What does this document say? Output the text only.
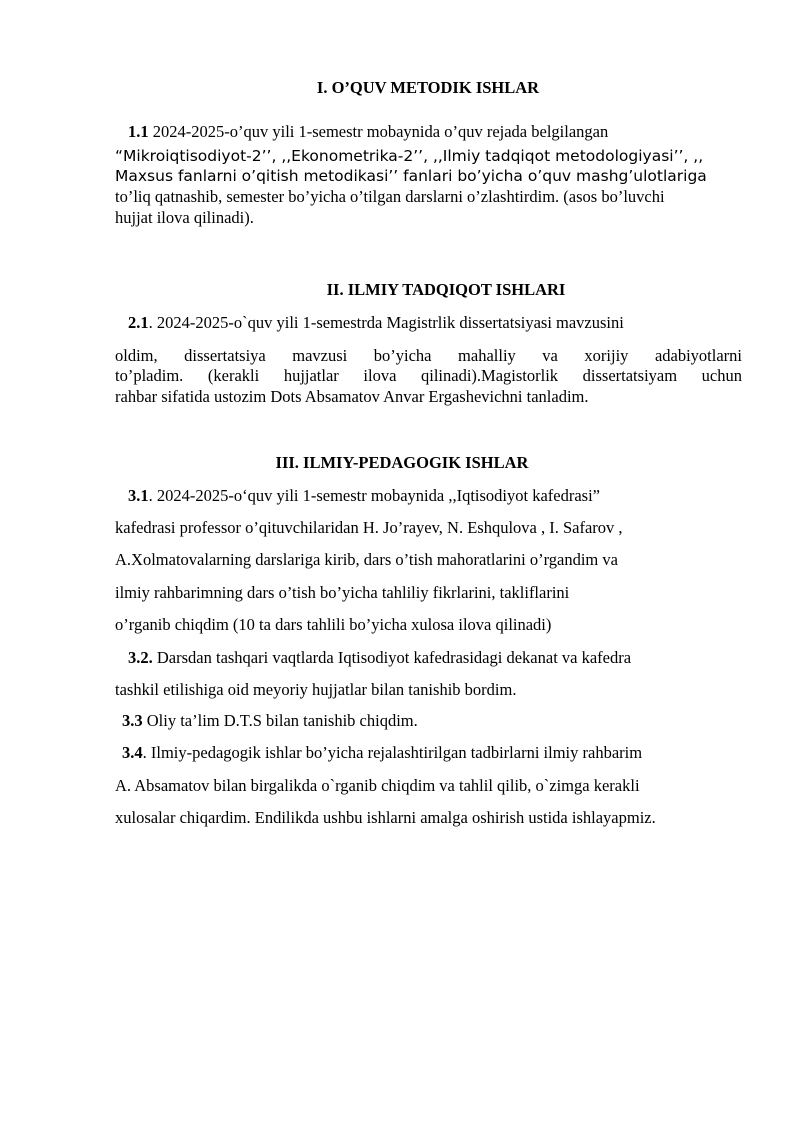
I. O’QUV METODIK ISHLAR
1.1 2024-2025-o’quv yili 1-semestr mobaynida o’quv rejada belgilangan
“Mikroiqtisodiyot-2’’, ,,Ekonometrika-2’’, ,,Ilmiy tadqiqot metodologiyasi’’, ,,
Maxsus fanlarni o’qitish metodikasi’’ fanlari bo’yicha o’quv mashg’ulotlariga
to’liq qatnashib, semester bo’yicha o’tilgan darslarni o’zlashtirdim. (asos bo’luvchi
hujjat ilova qilinadi).
II. ILMIY TADQIQOT ISHLARI
2.1. 2024-2025-o`quv yili 1-semestrda Magistrlik dissertatsiyasi mavzusini
oldim, dissertatsiya mavzusi bo’yicha mahalliy va xorijiy adabiyotlarni
to’pladim. (kerakli hujjatlar ilova qilinadi).Magistorlik dissertatsiyam uchun
rahbar sifatida ustozim Dots Absamatov Anvar Ergashevichni tanladim.
III. ILMIY-PEDAGOGIK ISHLAR
3.1. 2024-2025-o‘quv yili 1-semestr mobaynida ,,Iqtisodiyot kafedrasi”
kafedrasi professor o’qituvchilaridan H. Jo’rayev, N. Eshqulova , I. Safarov ,
A.Xolmatovalarning darslariga kirib, dars o’tish mahoratlarini o’rgandim va
ilmiy rahbarimning dars o’tish bo’yicha tahliliy fikrlarini, takliflarini
o’rganib chiqdim (10 ta dars tahlili bo’yicha xulosa ilova qilinadi)
3.2. Darsdan tashqari vaqtlarda Iqtisodiyot kafedrasidagi dekanat va kafedra
tashkil etilishiga oid meyoriy hujjatlar bilan tanishib bordim.
3.3 Oliy ta’lim D.T.S bilan tanishib chiqdim.
3.4. Ilmiy-pedagogik ishlar bo’yicha rejalashtirilgan tadbirlarni ilmiy rahbarim
A. Absamatov bilan birgalikda o`rganib chiqdim va tahlil qilib, o`zimga kerakli
xulosalar chiqardim. Endilikda ushbu ishlarni amalga oshirish ustida ishlayapmiz.
